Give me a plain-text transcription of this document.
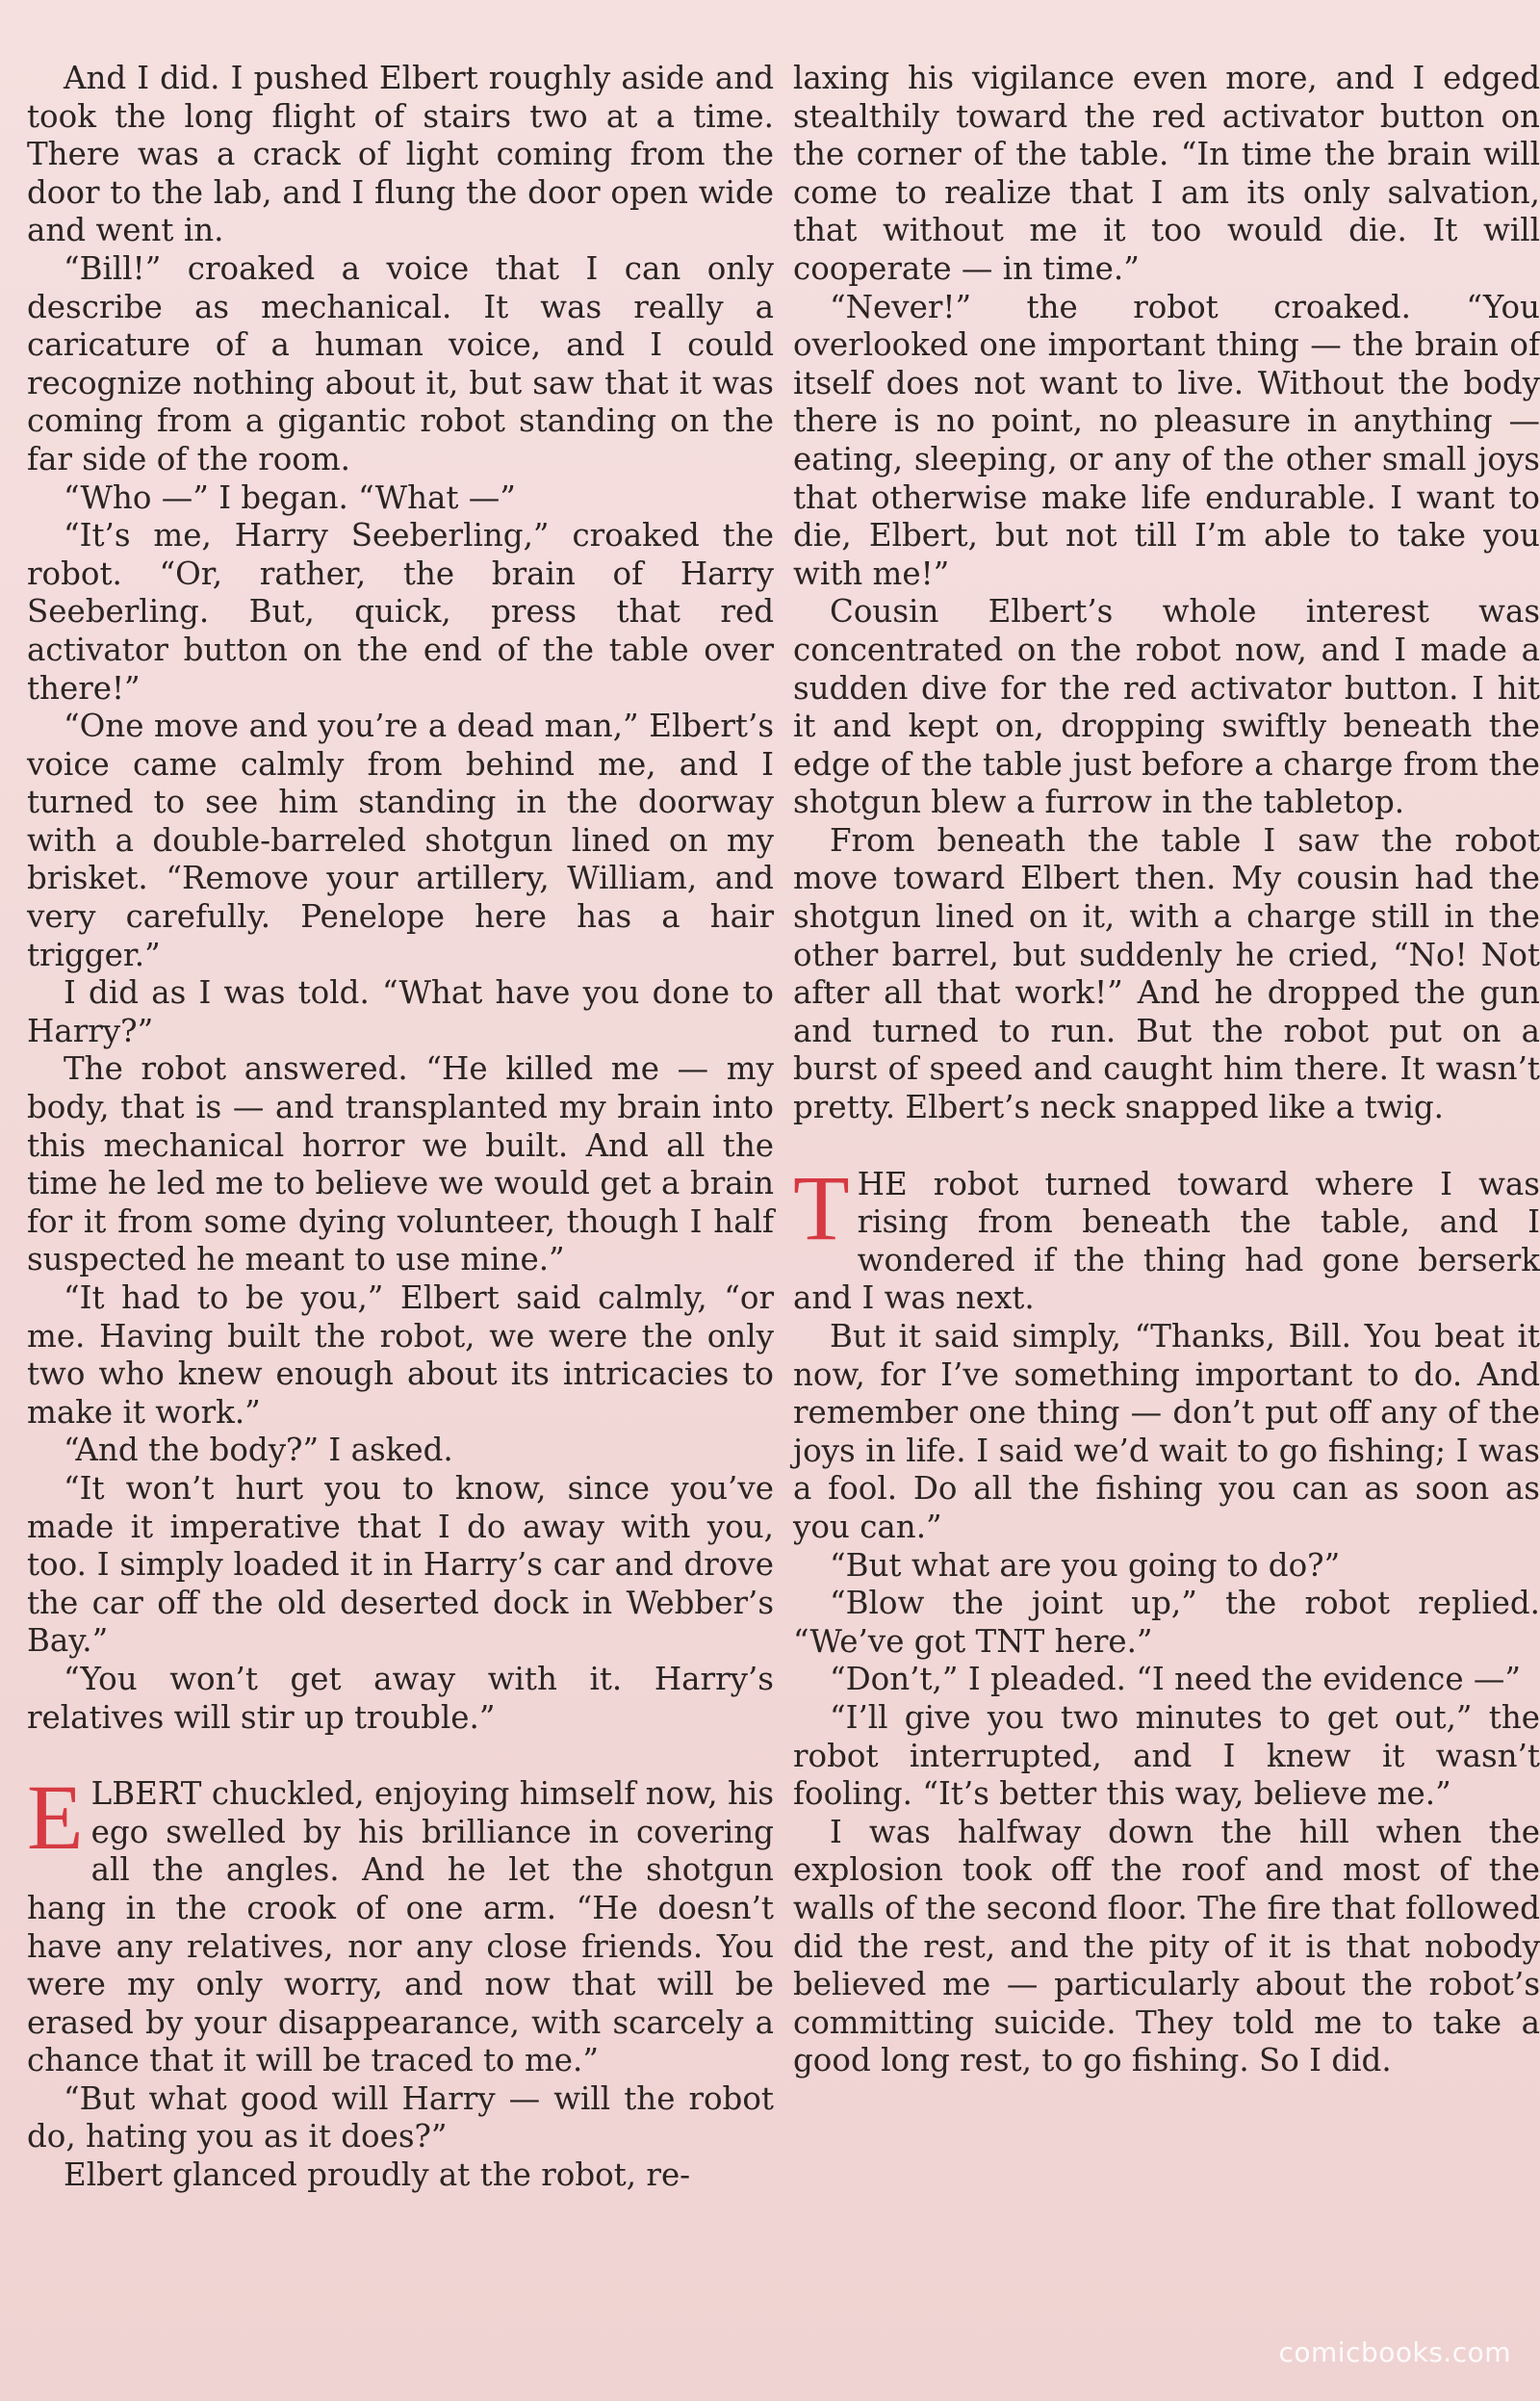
And I did. I pushed Elbert roughly aside and took the long flight of stairs two at a time. There was a crack of light coming from the door to the lab, and I flung the door open wide and went in.

“Bill!” croaked a voice that I can only describe as mechanical. It was really a caricature of a human voice, and I could recognize nothing about it, but saw that it was coming from a gigantic robot standing on the far side of the room.

“Who —” I began. “What —”

“It’s me, Harry Seeberling,” croaked the robot. “Or, rather, the brain of Harry Seeberling. But, quick, press that red activator button on the end of the table over there!”

“One move and you’re a dead man,” Elbert’s voice came calmly from behind me, and I turned to see him standing in the doorway with a double-barreled shotgun lined on my brisket. “Remove your artillery, William, and very carefully. Penelope here has a hair trigger.”

I did as I was told. “What have you done to Harry?”

The robot answered. “He killed me — my body, that is — and transplanted my brain into this mechanical horror we built. And all the time he led me to believe we would get a brain for it from some dying volunteer, though I half suspected he meant to use mine.”

“It had to be you,” Elbert said calmly, “or me. Having built the robot, we were the only two who knew enough about its intricacies to make it work.”

“And the body?” I asked.

“It won’t hurt you to know, since you’ve made it imperative that I do away with you, too. I simply loaded it in Harry’s car and drove the car off the old deserted dock in Webber’s Bay.”

“You won’t get away with it. Harry’s relatives will stir up trouble.”

ELBERT chuckled, enjoying himself now, his ego swelled by his brilliance in covering all the angles. And he let the shotgun hang in the crook of one arm. “He doesn’t have any relatives, nor any close friends. You were my only worry, and now that will be erased by your disappearance, with scarcely a chance that it will be traced to me.”

“But what good will Harry — will the robot do, hating you as it does?”

Elbert glanced proudly at the robot, re-

laxing his vigilance even more, and I edged stealthily toward the red activator button on the corner of the table. “In time the brain will come to realize that I am its only salvation, that without me it too would die. It will cooperate — in time.”

“Never!” the robot croaked. “You overlooked one important thing — the brain of itself does not want to live. Without the body there is no point, no pleasure in anything — eating, sleeping, or any of the other small joys that otherwise make life endurable. I want to die, Elbert, but not till I’m able to take you with me!”

Cousin Elbert’s whole interest was concentrated on the robot now, and I made a sudden dive for the red activator button. I hit it and kept on, dropping swiftly beneath the edge of the table just before a charge from the shotgun blew a furrow in the tabletop.

From beneath the table I saw the robot move toward Elbert then. My cousin had the shotgun lined on it, with a charge still in the other barrel, but suddenly he cried, “No! Not after all that work!” And he dropped the gun and turned to run. But the robot put on a burst of speed and caught him there. It wasn’t pretty. Elbert’s neck snapped like a twig.

THE robot turned toward where I was rising from beneath the table, and I wondered if the thing had gone berserk and I was next.

But it said simply, “Thanks, Bill. You beat it now, for I’ve something important to do. And remember one thing — don’t put off any of the joys in life. I said we’d wait to go fishing; I was a fool. Do all the fishing you can as soon as you can.”

“But what are you going to do?”

“Blow the joint up,” the robot replied. “We’ve got TNT here.”

“Don’t,” I pleaded. “I need the evidence —”

“I’ll give you two minutes to get out,” the robot interrupted, and I knew it wasn’t fooling. “It’s better this way, believe me.”

I was halfway down the hill when the explosion took off the roof and most of the walls of the second floor. The fire that followed did the rest, and the pity of it is that nobody believed me — particularly about the robot’s committing suicide. They told me to take a good long rest, to go fishing. So I did.

comicbooks.com
